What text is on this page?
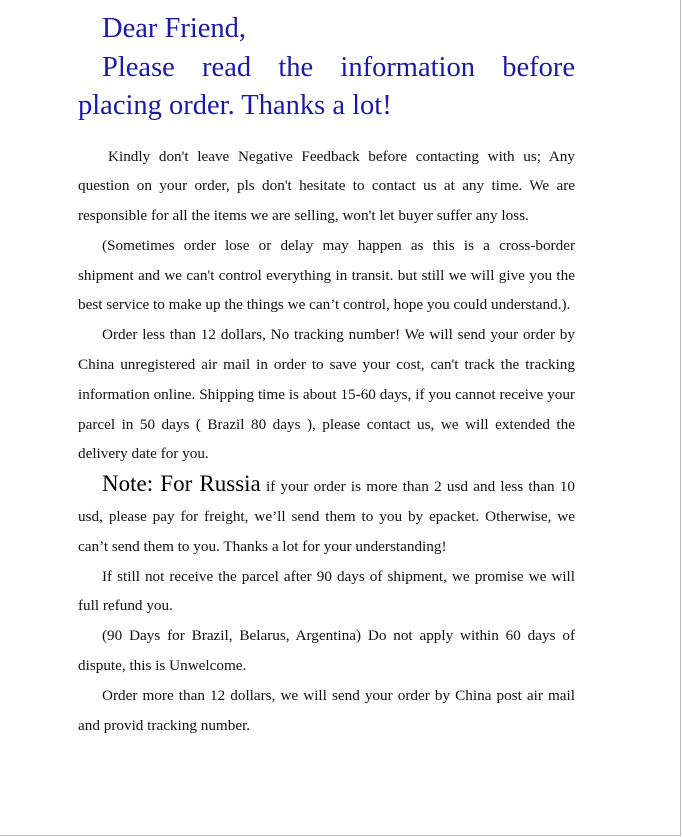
Dear Friend,
Please read the information before placing order. Thanks a lot!

Kindly don't leave Negative Feedback before contacting with us; Any question on your order, pls don't hesitate to contact us at any time. We are responsible for all the items we are selling, won't let buyer suffer any loss.

(Sometimes order lose or delay may happen as this is a cross-border shipment and we can't control everything in transit. but still we will give you the best service to make up the things we can’t control, hope you could understand.).

Order less than 12 dollars, No tracking number! We will send your order by China unregistered air mail in order to save your cost, can't track the tracking information online. Shipping time is about 15-60 days, if you cannot receive your parcel in 50 days ( Brazil 80 days ), please contact us, we will extended the delivery date for you.

Note: For Russia if your order is more than 2 usd and less than 10 usd, please pay for freight, we’ll send them to you by epacket. Otherwise, we can’t send them to you. Thanks a lot for your understanding!

If still not receive the parcel after 90 days of shipment, we promise we will full refund you.

(90 Days for Brazil, Belarus, Argentina) Do not apply within 60 days of dispute, this is Unwelcome.

Order more than 12 dollars, we will send your order by China post air mail and provid tracking number.
